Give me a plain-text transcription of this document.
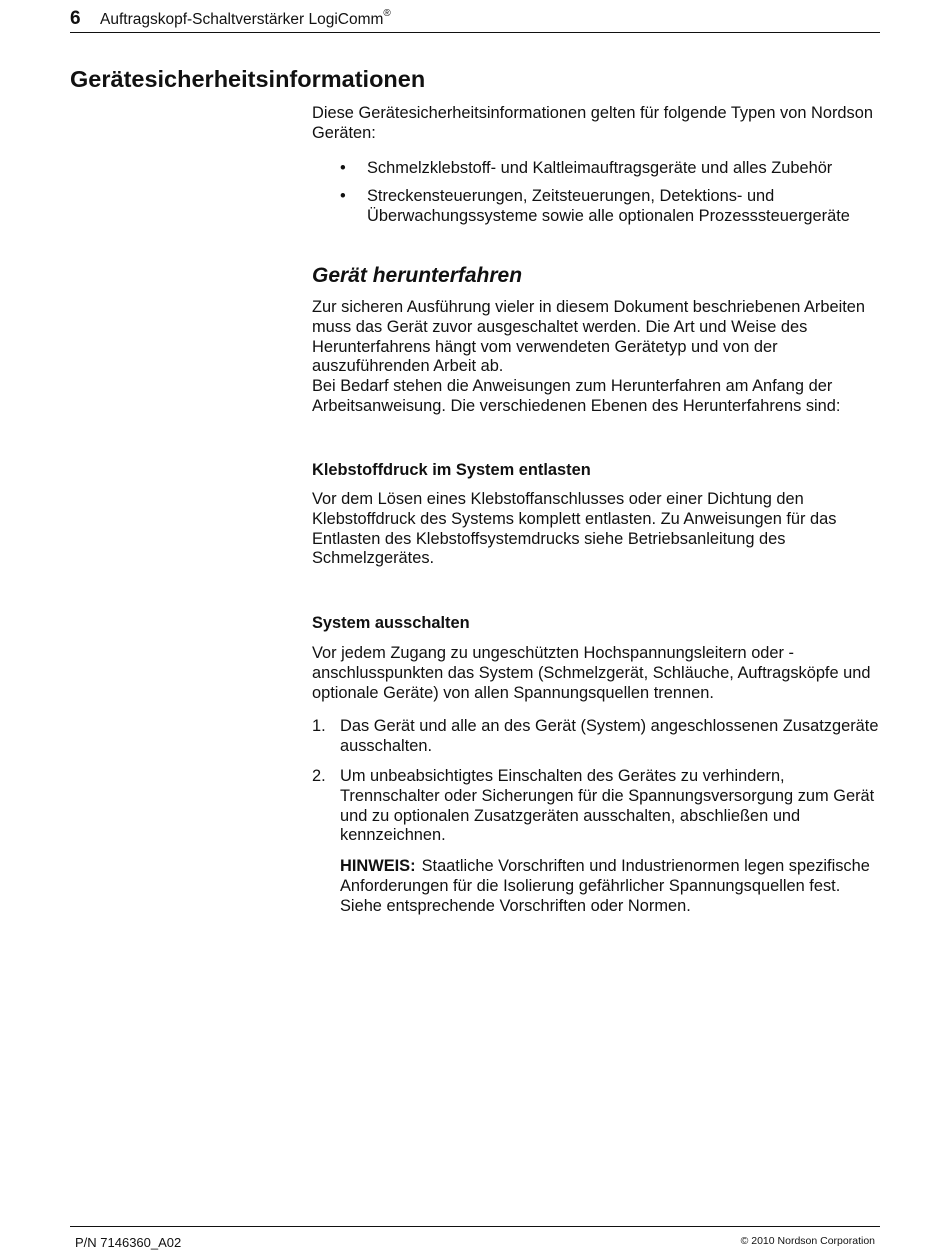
6 Auftragskopf-Schaltverstärker LogiComm®
Gerätesicherheitsinformationen

Diese Gerätesicherheitsinformationen gelten für folgende Typen von Nordson Geräten:

• Schmelzklebstoff- und Kaltleimauftragsgeräte und alles Zubehör
• Streckensteuerungen, Zeitsteuerungen, Detektions- und Überwachungssysteme sowie alle optionalen Prozesssteuergeräte
Gerät herunterfahren

Zur sicheren Ausführung vieler in diesem Dokument beschriebenen Arbeiten muss das Gerät zuvor ausgeschaltet werden. Die Art und Weise des Herunterfahrens hängt vom verwendeten Gerätetyp und von der auszuführenden Arbeit ab.

Bei Bedarf stehen die Anweisungen zum Herunterfahren am Anfang der Arbeitsanweisung. Die verschiedenen Ebenen des Herunterfahrens sind:

Klebstoffdruck im System entlasten

Vor dem Lösen eines Klebstoffanschlusses oder einer Dichtung den Klebstoffdruck des Systems komplett entlasten. Zu Anweisungen für das Entlasten des Klebstoffsystemdrucks siehe Betriebsanleitung des Schmelzgerätes.

System ausschalten

Vor jedem Zugang zu ungeschützten Hochspannungsleitern oder -anschlusspunkten das System (Schmelzgerät, Schläuche, Auftragsköpfe und optionale Geräte) von allen Spannungsquellen trennen.

1. Das Gerät und alle an des Gerät (System) angeschlossenen Zusatzgeräte ausschalten.
2. Um unbeabsichtigtes Einschalten des Gerätes zu verhindern, Trennschalter oder Sicherungen für die Spannungsversorgung zum Gerät und zu optionalen Zusatzgeräten ausschalten, abschließen und kennzeichnen.

HINWEIS: Staatliche Vorschriften und Industrienormen legen spezifische Anforderungen für die Isolierung gefährlicher Spannungsquellen fest. Siehe entsprechende Vorschriften oder Normen.

P/N 7146360_A02	© 2010 Nordson Corporation
